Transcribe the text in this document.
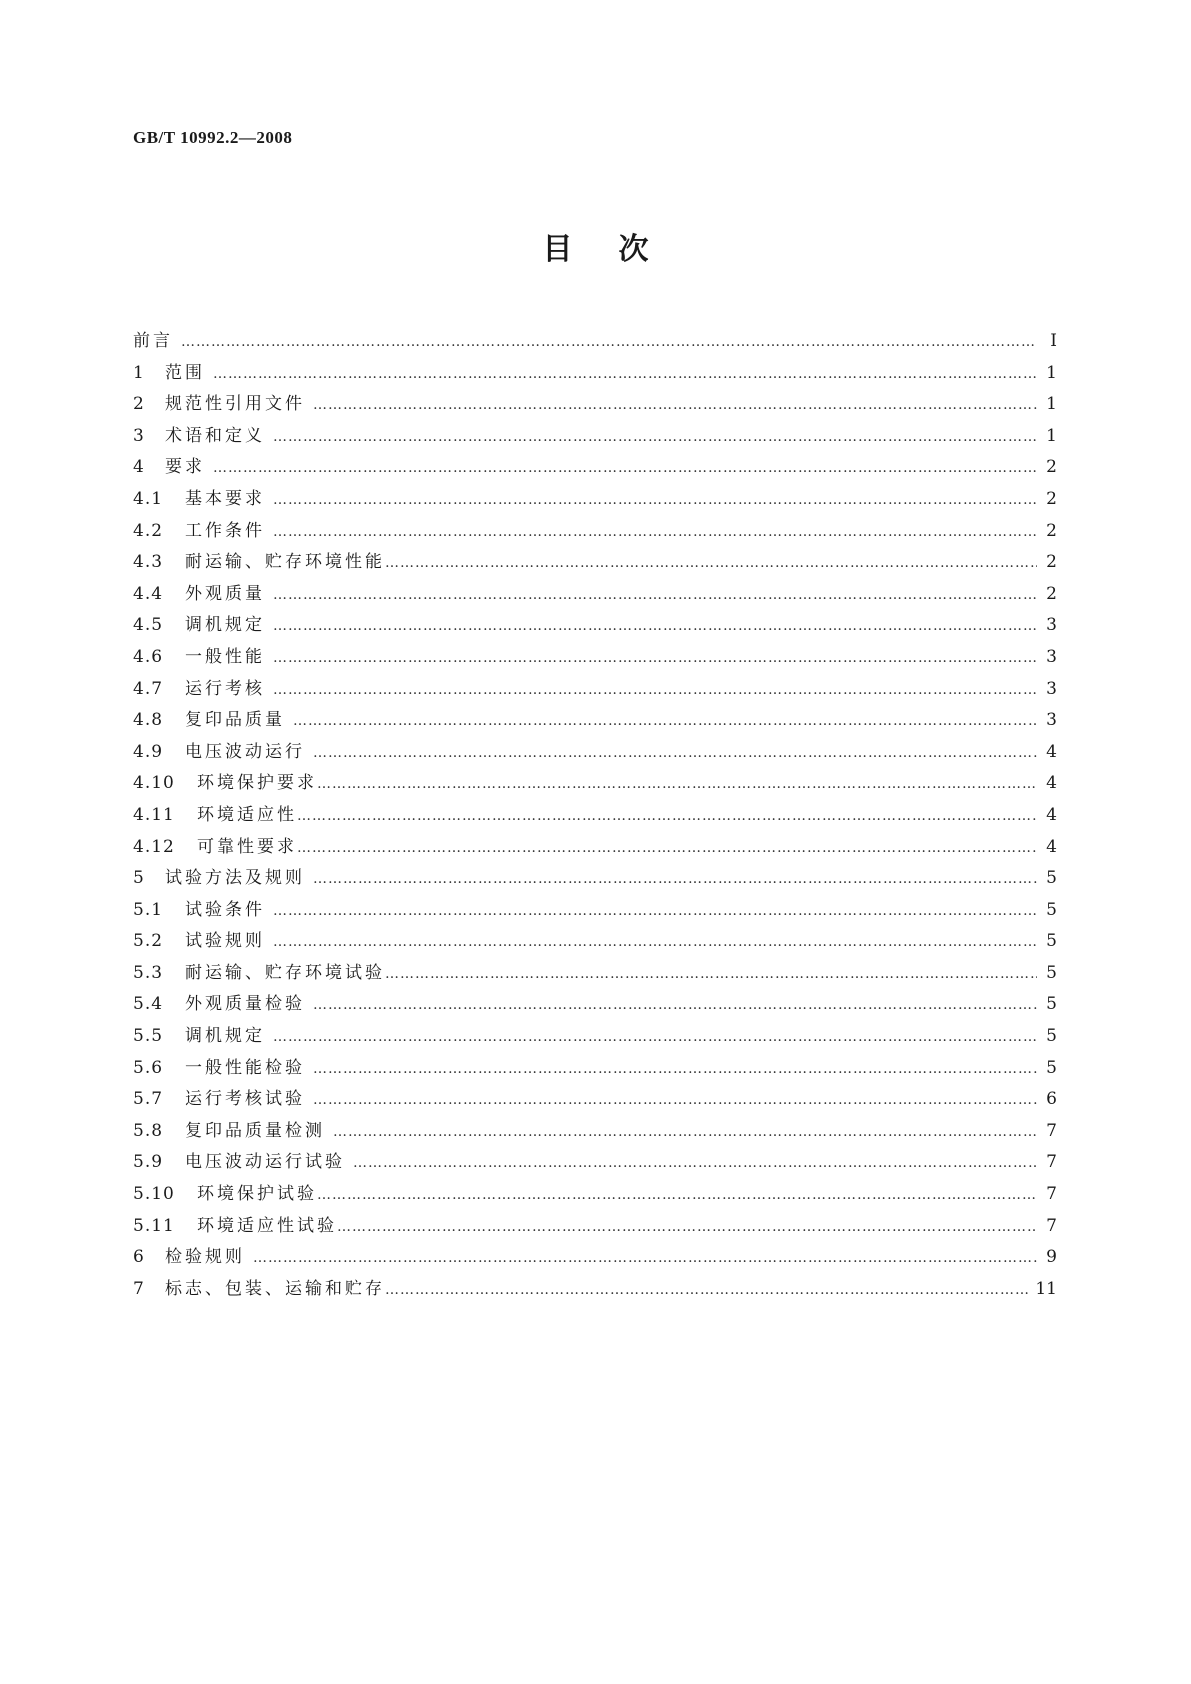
GB/T 10992.2—2008
目次
前言 ……………………………………………………………………………………………………………………………………………………………………………………………………………………………………	Ⅰ
1	范围 ……………………………………………………………………………………………………………………………………………………………………………………………………………………………………	1
2	规范性引用文件 ……………………………………………………………………………………………………………………………………………………………………………………………………………………………………	1
3	术语和定义 ……………………………………………………………………………………………………………………………………………………………………………………………………………………………………	1
4	要求 ……………………………………………………………………………………………………………………………………………………………………………………………………………………………………	2
4.1	基本要求 ……………………………………………………………………………………………………………………………………………………………………………………………………………………………………	2
4.2	工作条件 ……………………………………………………………………………………………………………………………………………………………………………………………………………………………………	2
4.3	耐运输、贮存环境性能 ……………………………………………………………………………………………………………………………………………………………………………………………………………………………………	2
4.4	外观质量 ……………………………………………………………………………………………………………………………………………………………………………………………………………………………………	2
4.5	调机规定 ……………………………………………………………………………………………………………………………………………………………………………………………………………………………………	3
4.6	一般性能 ……………………………………………………………………………………………………………………………………………………………………………………………………………………………………	3
4.7	运行考核 ……………………………………………………………………………………………………………………………………………………………………………………………………………………………………	3
4.8	复印品质量 ……………………………………………………………………………………………………………………………………………………………………………………………………………………………………	3
4.9	电压波动运行 ……………………………………………………………………………………………………………………………………………………………………………………………………………………………………	4
4.10	环境保护要求 ……………………………………………………………………………………………………………………………………………………………………………………………………………………………………	4
4.11	环境适应性 ……………………………………………………………………………………………………………………………………………………………………………………………………………………………………	4
4.12	可靠性要求 ……………………………………………………………………………………………………………………………………………………………………………………………………………………………………	4
5	试验方法及规则 ……………………………………………………………………………………………………………………………………………………………………………………………………………………………………	5
5.1	试验条件 ……………………………………………………………………………………………………………………………………………………………………………………………………………………………………	5
5.2	试验规则 ……………………………………………………………………………………………………………………………………………………………………………………………………………………………………	5
5.3	耐运输、贮存环境试验 ……………………………………………………………………………………………………………………………………………………………………………………………………………………………………	5
5.4	外观质量检验 ……………………………………………………………………………………………………………………………………………………………………………………………………………………………………	5
5.5	调机规定 ……………………………………………………………………………………………………………………………………………………………………………………………………………………………………	5
5.6	一般性能检验 ……………………………………………………………………………………………………………………………………………………………………………………………………………………………………	5
5.7	运行考核试验 ……………………………………………………………………………………………………………………………………………………………………………………………………………………………………	6
5.8	复印品质量检测 ……………………………………………………………………………………………………………………………………………………………………………………………………………………………………	7
5.9	电压波动运行试验 ……………………………………………………………………………………………………………………………………………………………………………………………………………………………………	7
5.10	环境保护试验 ……………………………………………………………………………………………………………………………………………………………………………………………………………………………………	7
5.11	环境适应性试验 ……………………………………………………………………………………………………………………………………………………………………………………………………………………………………	7
6	检验规则 ……………………………………………………………………………………………………………………………………………………………………………………………………………………………………	9
7	标志、包装、运输和贮存 ……………………………………………………………………………………………………………………………………………………………………………………………………………………………………	11
